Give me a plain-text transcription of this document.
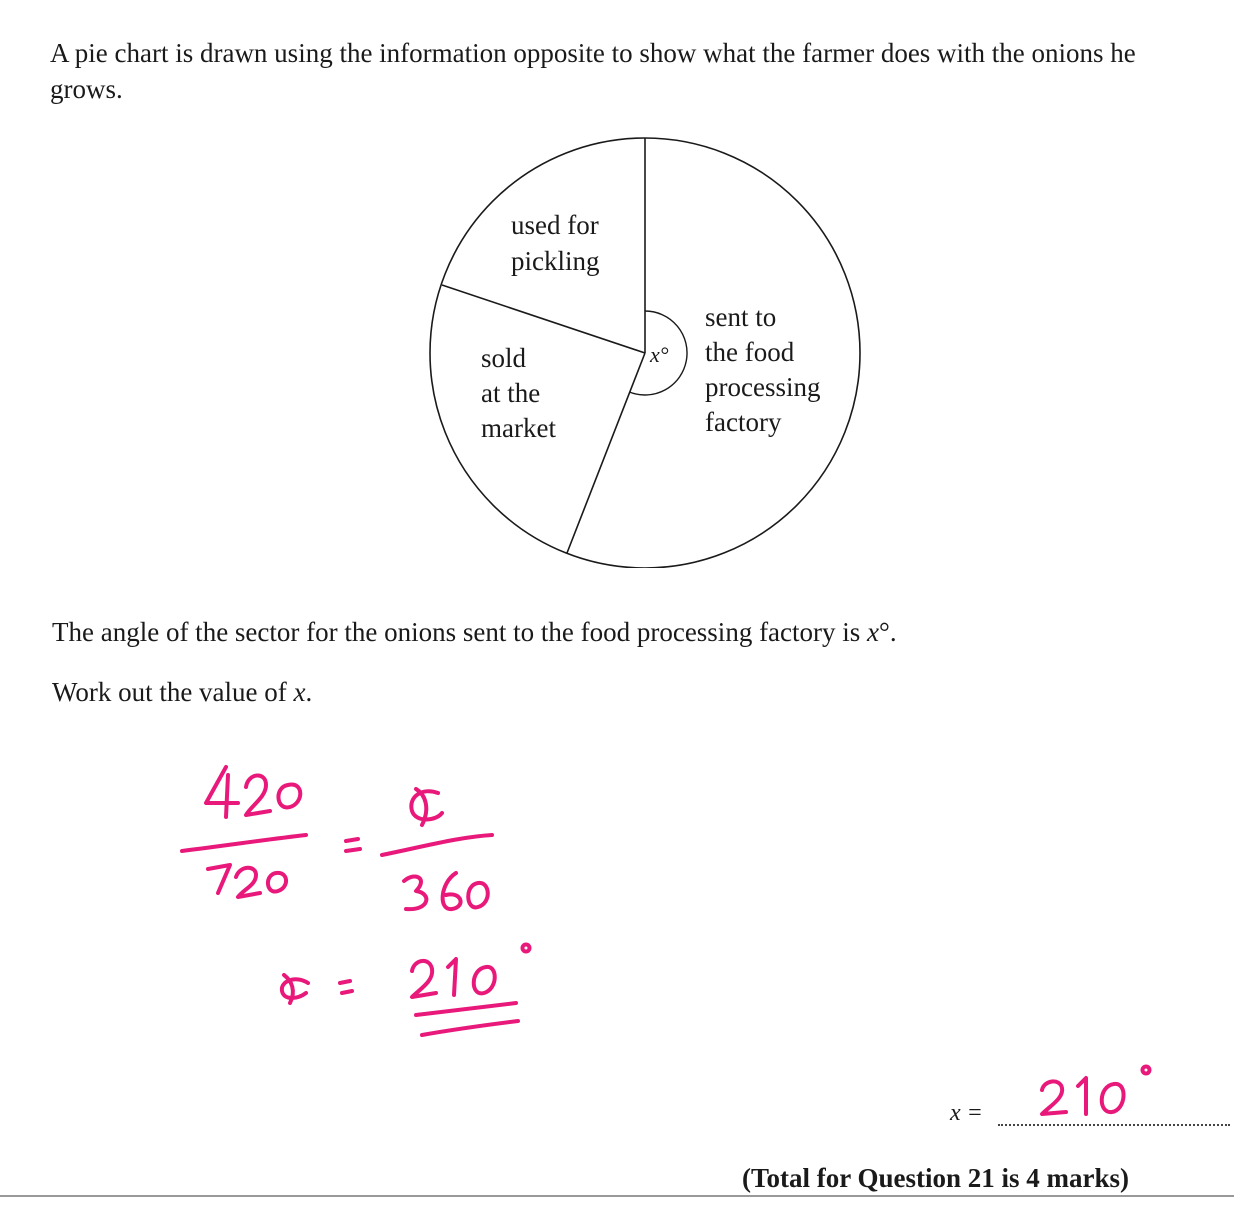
A pie chart is drawn using the information opposite to show what the farmer does with the onions he grows.

x°
used for pickling
sold at the market
sent to the food processing factory

The angle of the sector for the onions sent to the food processing factory is x°.

Work out the value of x.

x =
(Total for Question 21 is 4 marks)
